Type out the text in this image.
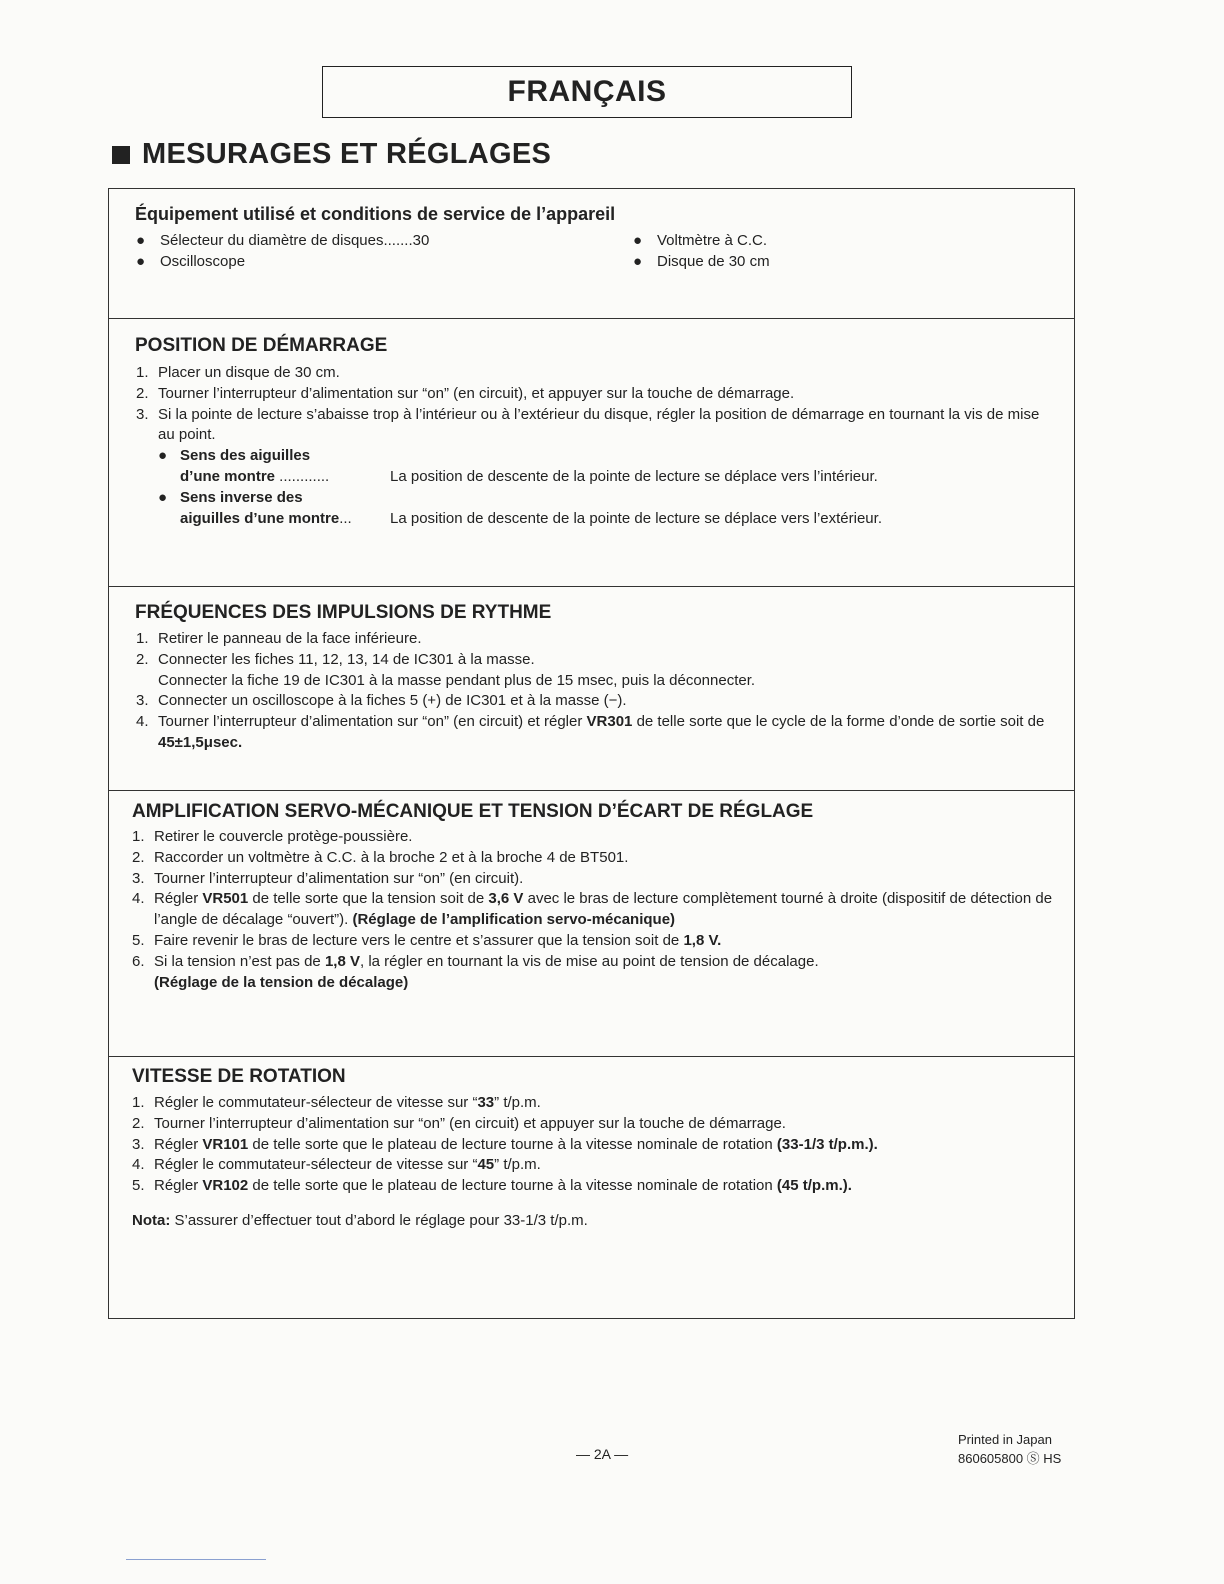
FRANÇAIS
MESURAGES ET RÉGLAGES
Équipement utilisé et conditions de service de l’appareil
● Sélecteur du diamètre de disques.......30	● Voltmètre à C.C.
● Oscilloscope	● Disque de 30 cm
POSITION DE DÉMARRAGE
1. Placer un disque de 30 cm.
2. Tourner l’interrupteur d’alimentation sur “on” (en circuit), et appuyer sur la touche de démarrage.
3. Si la pointe de lecture s’abaisse trop à l’intérieur ou à l’extérieur du disque, régler la position de démarrage en tournant la vis de mise au point.
● Sens des aiguilles
d’une montre ............	La position de descente de la pointe de lecture se déplace vers l’intérieur.
● Sens inverse des
aiguilles d’une montre...	La position de descente de la pointe de lecture se déplace vers l’extérieur.
FRÉQUENCES DES IMPULSIONS DE RYTHME
1. Retirer le panneau de la face inférieure.
2. Connecter les fiches 11, 12, 13, 14 de IC301 à la masse.
Connecter la fiche 19 de IC301 à la masse pendant plus de 15 msec, puis la déconnecter.
3. Connecter un oscilloscope à la fiches 5 (+) de IC301 et à la masse (−).
4. Tourner l’interrupteur d’alimentation sur “on” (en circuit) et régler VR301 de telle sorte que le cycle de la forme d’onde de sortie soit de 45±1,5μsec.
AMPLIFICATION SERVO-MÉCANIQUE ET TENSION D’ÉCART DE RÉGLAGE
1. Retirer le couvercle protège-poussière.
2. Raccorder un voltmètre à C.C. à la broche 2 et à la broche 4 de BT501.
3. Tourner l’interrupteur d’alimentation sur “on” (en circuit).
4. Régler VR501 de telle sorte que la tension soit de 3,6 V avec le bras de lecture complètement tourné à droite (dispositif de détection de l’angle de décalage “ouvert”). (Réglage de l’amplification servo-mécanique)
5. Faire revenir le bras de lecture vers le centre et s’assurer que la tension soit de 1,8 V.
6. Si la tension n’est pas de 1,8 V, la régler en tournant la vis de mise au point de tension de décalage.
(Réglage de la tension de décalage)
VITESSE DE ROTATION
1. Régler le commutateur-sélecteur de vitesse sur “33” t/p.m.
2. Tourner l’interrupteur d’alimentation sur “on” (en circuit) et appuyer sur la touche de démarrage.
3. Régler VR101 de telle sorte que le plateau de lecture tourne à la vitesse nominale de rotation (33-1/3 t/p.m.).
4. Régler le commutateur-sélecteur de vitesse sur “45” t/p.m.
5. Régler VR102 de telle sorte que le plateau de lecture tourne à la vitesse nominale de rotation (45 t/p.m.).
Nota: S’assurer d’effectuer tout d’abord le réglage pour 33-1/3 t/p.m.
— 2A —
Printed in Japan
860605800 Ⓢ HS
